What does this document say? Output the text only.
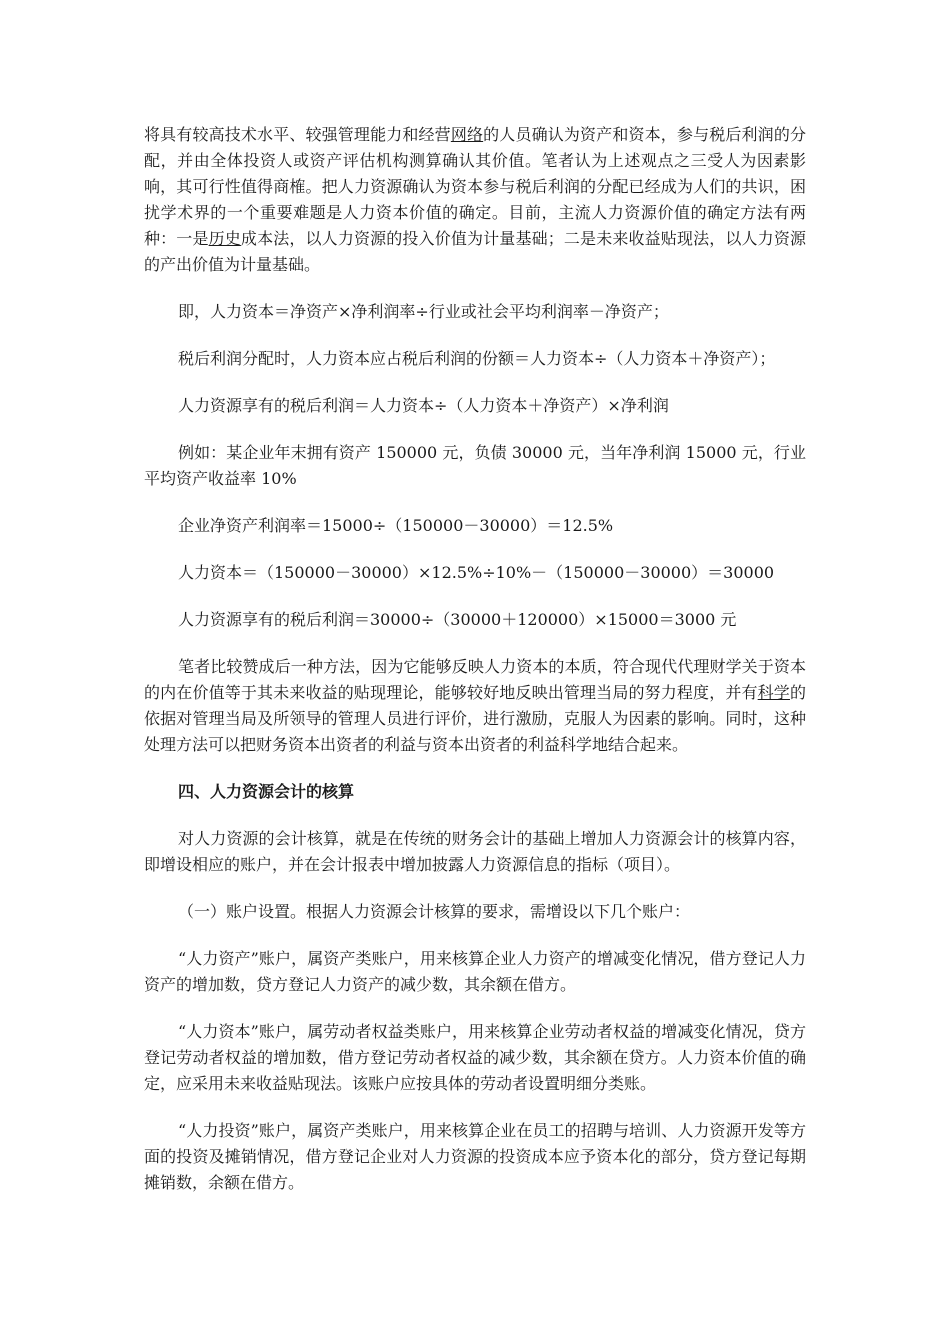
将具有较高技术水平、较强管理能力和经营网络的人员确认为资产和资本，参与税后利润的分配，并由全体投资人或资产评估机构测算确认其价值。笔者认为上述观点之三受人为因素影响，其可行性值得商榷。把人力资源确认为资本参与税后利润的分配已经成为人们的共识，困扰学术界的一个重要难题是人力资本价值的确定。目前，主流人力资源价值的确定方法有两种：一是历史成本法，以人力资源的投入价值为计量基础；二是未来收益贴现法，以人力资源的产出价值为计量基础。

即，人力资本＝净资产×净利润率÷行业或社会平均利润率－净资产；

税后利润分配时，人力资本应占税后利润的份额＝人力资本÷（人力资本＋净资产）；

人力资源享有的税后利润＝人力资本÷（人力资本＋净资产）×净利润

例如：某企业年末拥有资产 150000 元，负债 30000 元，当年净利润 15000 元，行业平均资产收益率 10%

企业净资产利润率＝15000÷（150000－30000）＝12.5%

人力资本＝（150000－30000）×12.5%÷10%－（150000－30000）＝30000

人力资源享有的税后利润＝30000÷（30000＋120000）×15000＝3000 元

笔者比较赞成后一种方法，因为它能够反映人力资本的本质，符合现代代理财学关于资本的内在价值等于其未来收益的贴现理论，能够较好地反映出管理当局的努力程度，并有科学的依据对管理当局及所领导的管理人员进行评价，进行激励，克服人为因素的影响。同时，这种处理方法可以把财务资本出资者的利益与资本出资者的利益科学地结合起来。

四、人力资源会计的核算

对人力资源的会计核算，就是在传统的财务会计的基础上增加人力资源会计的核算内容，即增设相应的账户，并在会计报表中增加披露人力资源信息的指标（项目）。

（一）账户设置。根据人力资源会计核算的要求，需增设以下几个账户：

“人力资产”账户，属资产类账户，用来核算企业人力资产的增减变化情况，借方登记人力资产的增加数，贷方登记人力资产的减少数，其余额在借方。

“人力资本”账户，属劳动者权益类账户，用来核算企业劳动者权益的增减变化情况，贷方登记劳动者权益的增加数，借方登记劳动者权益的减少数，其余额在贷方。人力资本价值的确定，应采用未来收益贴现法。该账户应按具体的劳动者设置明细分类账。

“人力投资”账户，属资产类账户，用来核算企业在员工的招聘与培训、人力资源开发等方面的投资及摊销情况，借方登记企业对人力资源的投资成本应予资本化的部分，贷方登记每期摊销数，余额在借方。
